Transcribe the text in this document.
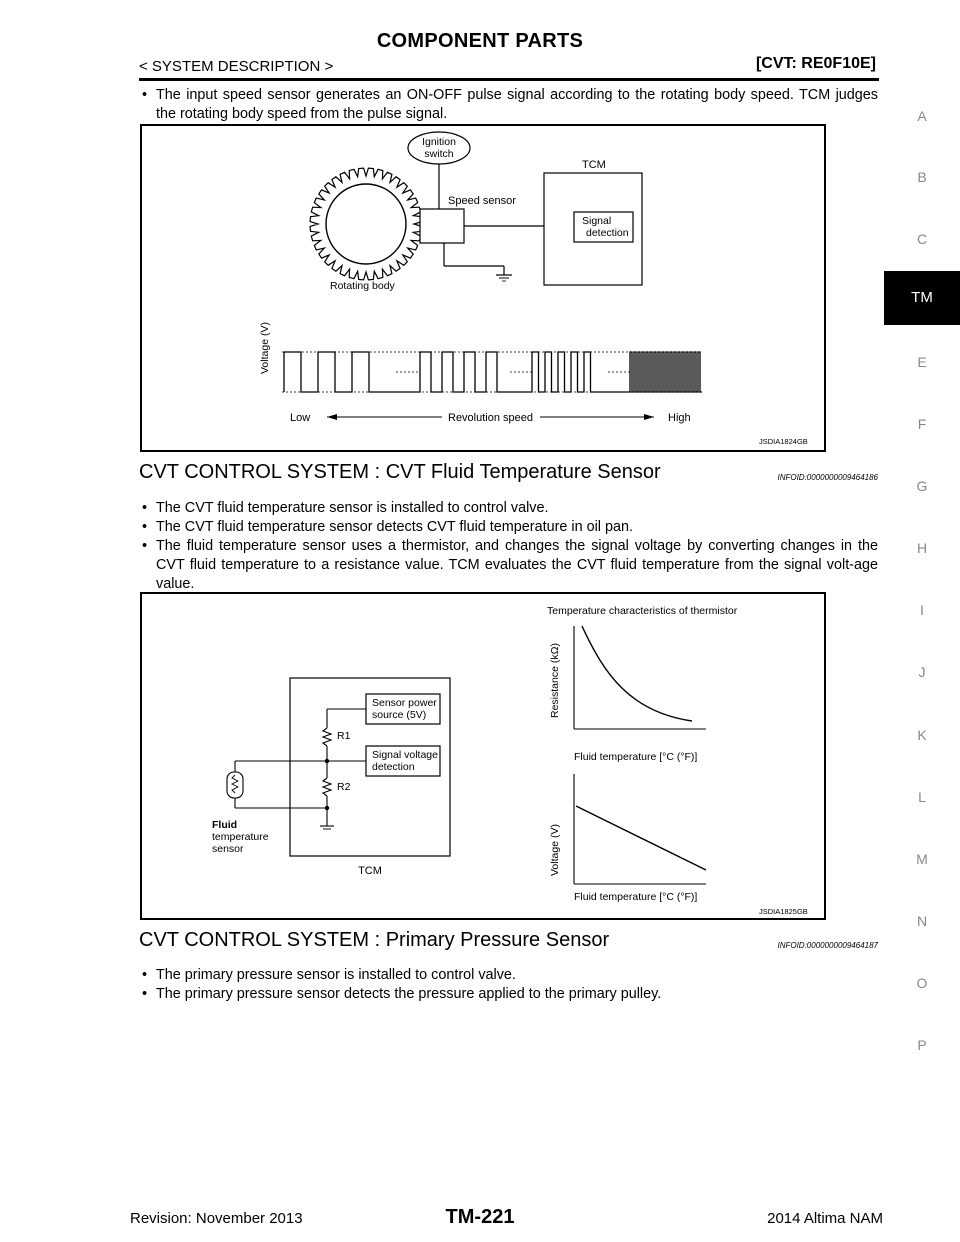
COMPONENT PARTS
< SYSTEM DESCRIPTION >	[CVT: RE0F10E]
A
B
C
TM
E
F
G
H
I
J
K
L
M
N
O
P
• The input speed sensor generates an ON-OFF pulse signal according to the rotating body speed. TCM judges the rotating body speed from the pulse signal.
Ignition
switch
Speed sensor
TCM
Signal
detection
Rotating body
Voltage (V)
Low	Revolution speed	High
JSDIA1824GB
CVT CONTROL SYSTEM : CVT Fluid Temperature Sensor	INFOID:0000000009464186
• The CVT fluid temperature sensor is installed to control valve.
• The CVT fluid temperature sensor detects CVT fluid temperature in oil pan.
• The fluid temperature sensor uses a thermistor, and changes the signal voltage by converting changes in the CVT fluid temperature to a resistance value. TCM evaluates the CVT fluid temperature from the signal volt-age value.
TCM
Sensor power
source (5V)
Signal voltage
detection
R1
R2
Fluid
temperature
sensor
Temperature characteristics of thermistor
Resistance (kΩ)
Fluid temperature [°C (°F)]
Voltage (V)
Fluid temperature [°C (°F)]
JSDIA1825GB
CVT CONTROL SYSTEM : Primary Pressure Sensor	INFOID:0000000009464187
• The primary pressure sensor is installed to control valve.
• The primary pressure sensor detects the pressure applied to the primary pulley.
Revision: November 2013	TM-221	2014 Altima NAM
